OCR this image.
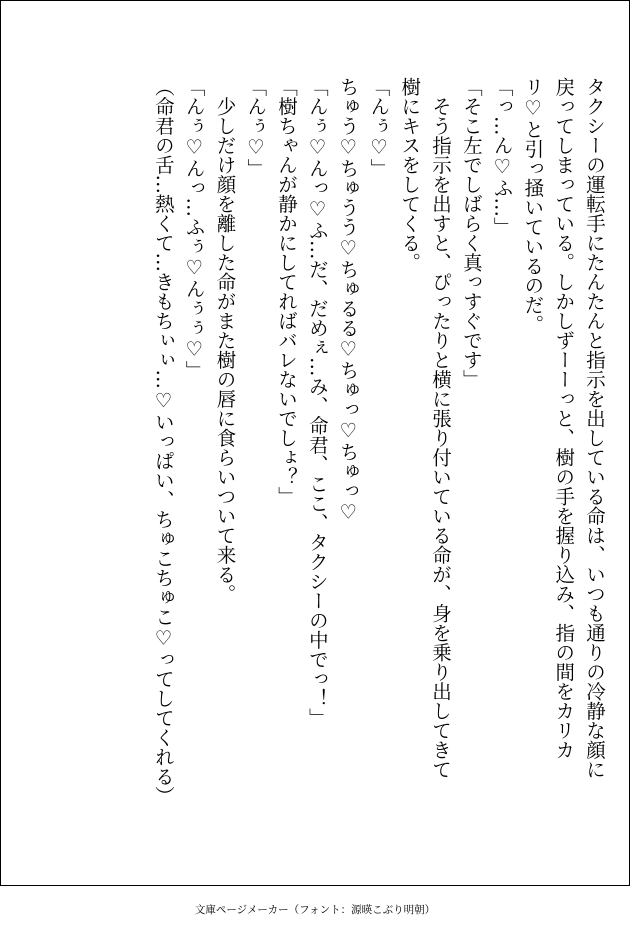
タクシーの運転手にたんたんと指示を出している命は、いつも通りの冷静な顔に
戻ってしまっている。しかしずーーっと、樹の手を握り込み、指の間をカリカ
リ♡と引っ掻いているのだ。
「っ…ん♡ふ…」
「そこ左でしばらく真っすぐです」
　そう指示を出すと、ぴったりと横に張り付いている命が、身を乗り出してきて
樹にキスをしてくる。
「んぅ♡」
ちゅう♡ちゅうう♡ちゅるる♡ちゅっ♡ちゅっ♡
「んぅ♡んっ♡ふ…だ、だめぇ…み、命君、ここ、タクシーの中でっ！」
「樹ちゃんが静かにしてればバレないでしょ？」
「んぅ♡」
　少しだけ顔を離した命がまた樹の唇に食らいついて来る。
「んぅ♡んっ…ふぅ♡んぅぅ♡」
（命君の舌…熱くて…きもちぃぃ…♡いっぱい、ちゅこちゅこ♡ってしてくれる）
文庫ページメーカー（フォント：源暎こぶり明朝）
